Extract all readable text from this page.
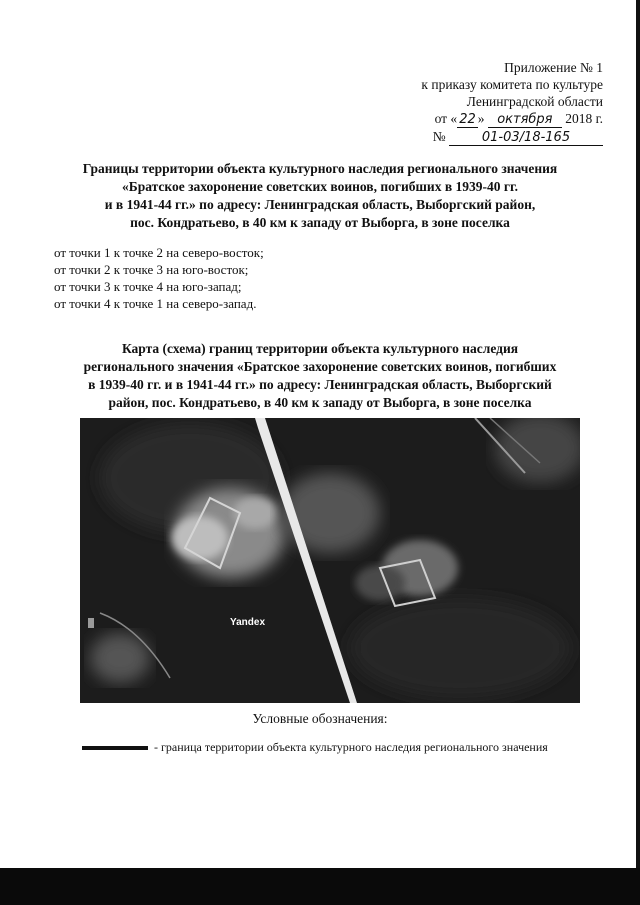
Приложение № 1
к приказу комитета по культуре
Ленинградской области
от « 22 » октября 2018 г.
№	01-03/18-165
Границы территории объекта культурного наследия регионального значения
«Братское захоронение советских воинов, погибших в 1939-40 гг.
и в 1941-44 гг.» по адресу: Ленинградская область, Выборгский район,
пос. Кондратьево, в 40 км к западу от Выборга, в зоне поселка
от точки 1 к точке 2 на северо-восток;
от точки 2 к точке 3 на юго-восток;
от точки 3 к точке 4 на юго-запад;
от точки 4 к точке 1 на северо-запад.
Карта (схема) границ территории объекта культурного наследия
регионального значения «Братское захоронение советских воинов, погибших
в 1939-40 гг. и в 1941-44 гг.» по адресу: Ленинградская область, Выборгский
район, пос. Кондратьево, в 40 км к западу от Выборга, в зоне поселка
Yandex
Условные обозначения:
- граница территории объекта культурного наследия регионального значения
